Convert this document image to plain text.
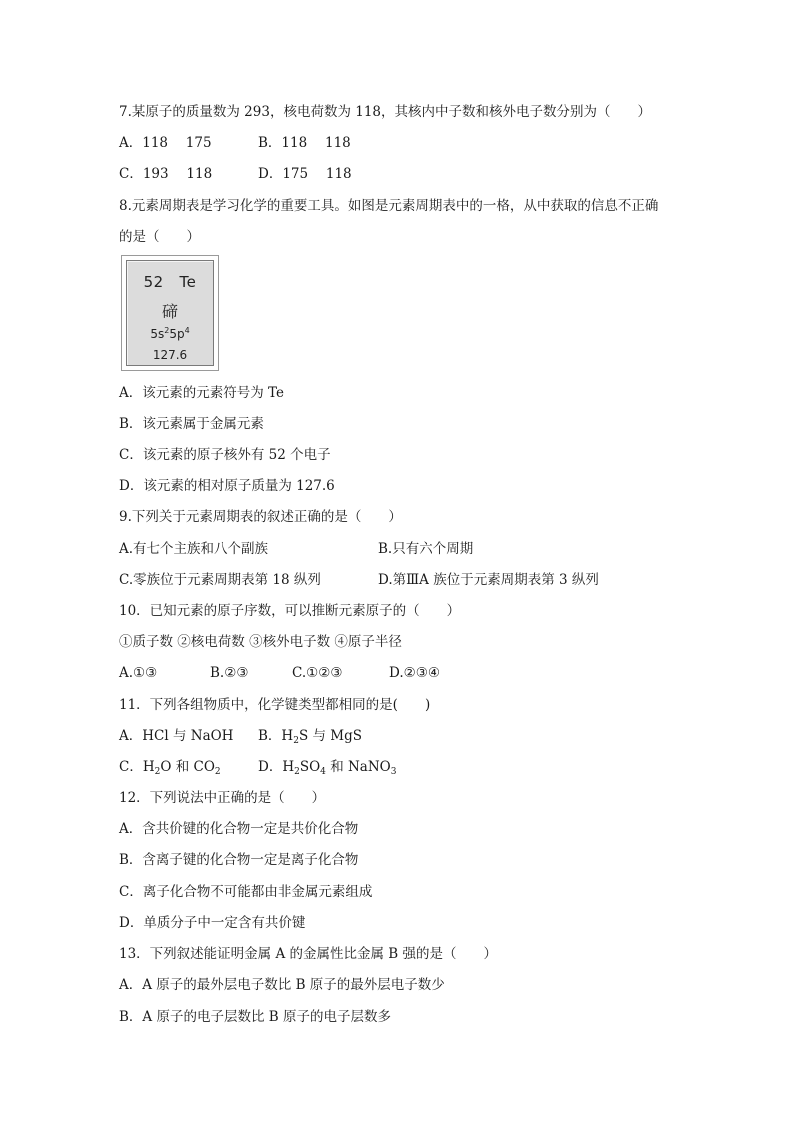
7.某原子的质量数为 293，核电荷数为 118，其核内中子数和核外电子数分别为（　　）
A．118　 175	B．118　 118
C．193　 118	D．175　 118
8.元素周期表是学习化学的重要工具。如图是元素周期表中的一格，从中获取的信息不正确
的是（　　）
52 Te
碲
$5s^25p^4$
127.6
A．该元素的元素符号为 Te
B．该元素属于金属元素
C．该元素的原子核外有 52 个电子
D．该元素的相对原子质量为 127.6
9.下列关于元素周期表的叙述正确的是（　　）
A.有七个主族和八个副族	B.只有六个周期
C.零族位于元素周期表第 18 纵列	D.第ⅢA 族位于元素周期表第 3 纵列
10．已知元素的原子序数，可以推断元素原子的（　　）
①质子数 ②核电荷数 ③核外电子数 ④原子半径
A.①③	B.②③	C.①②③	D.②③④
11．下列各组物质中，化学键类型都相同的是(　　)
A．HCl 与 NaOH B．$H_2S$ 与 MgS
C．$H_2O$ 和 $CO_2$	D．$H_2SO_4$ 和 NaNO$_3$
12．下列说法中正确的是（　　）
A．含共价键的化合物一定是共价化合物
B．含离子键的化合物一定是离子化合物
C．离子化合物不可能都由非金属元素组成
D．单质分子中一定含有共价键
13．下列叙述能证明金属 A 的金属性比金属 B 强的是（　　）
A．A 原子的最外层电子数比 B 原子的最外层电子数少
B．A 原子的电子层数比 B 原子的电子层数多
